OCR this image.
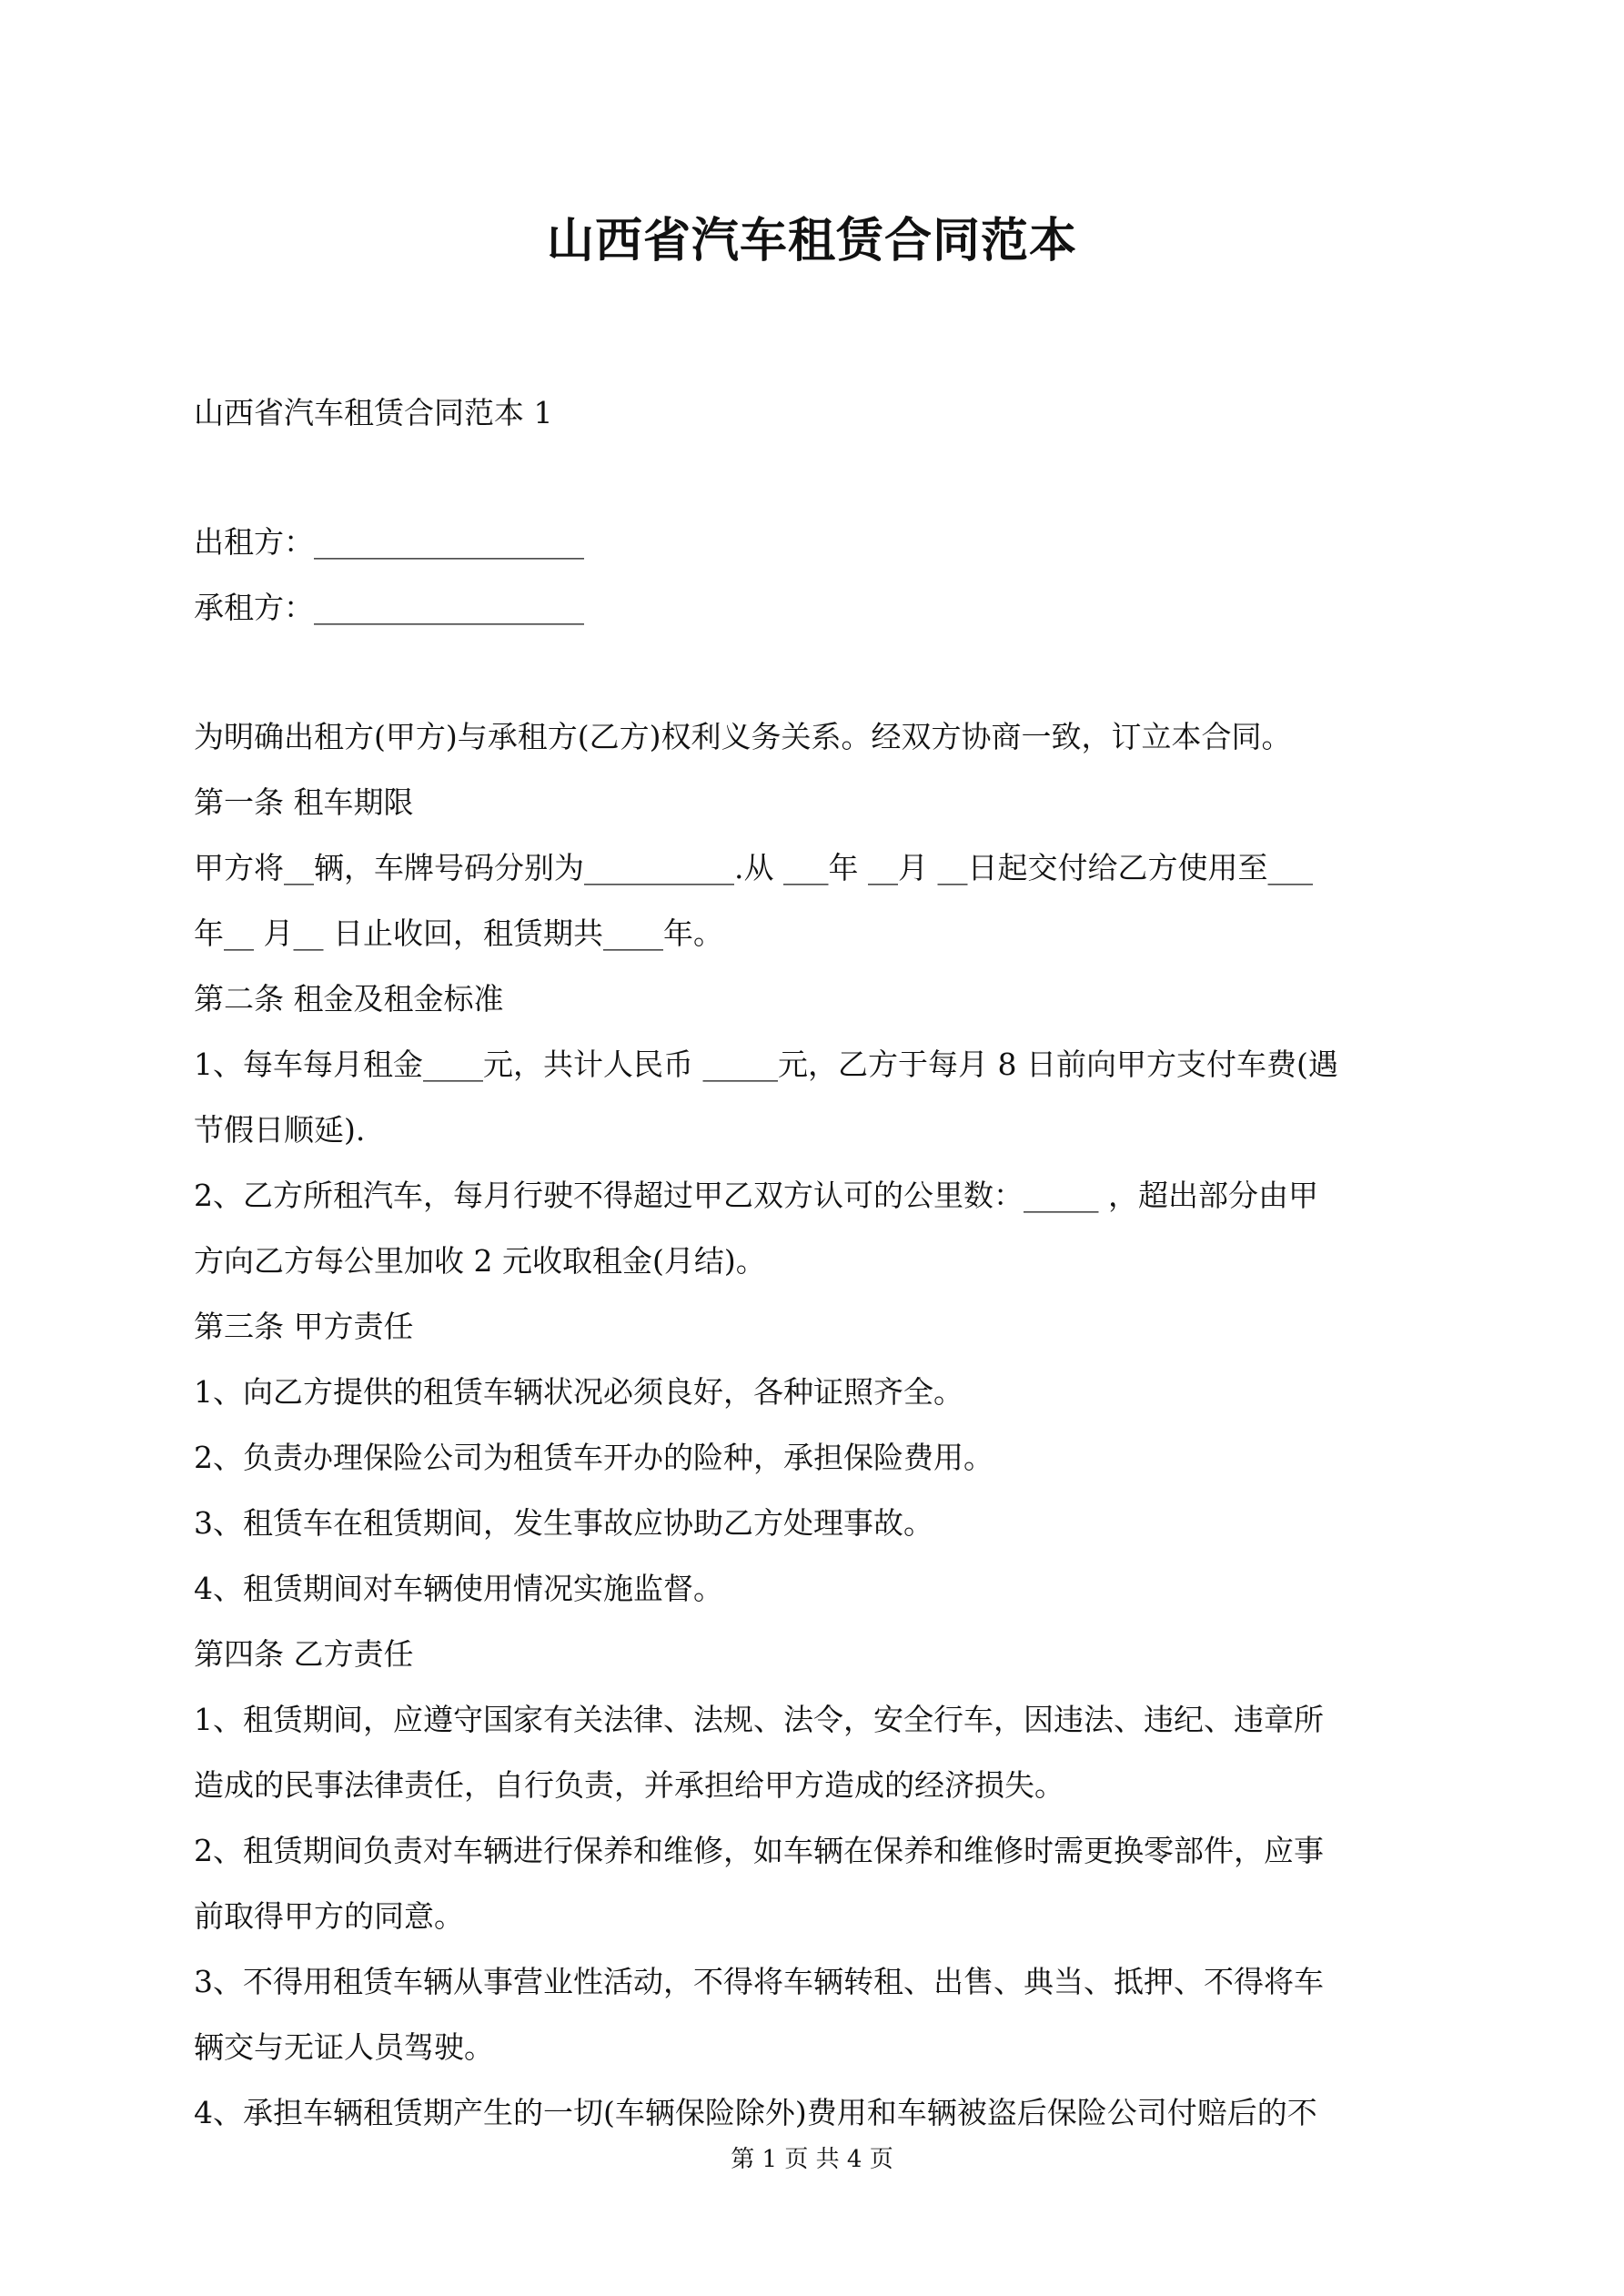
山西省汽车租赁合同范本
山西省汽车租赁合同范本 1
出租方：__________________
承租方：__________________
为明确出租方(甲方)与承租方(乙方)权利义务关系。经双方协商一致，订立本合同。
第一条 租车期限
甲方将__辆，车牌号码分别为__________.从 ___年 __月 __日起交付给乙方使用至___
年__ 月__ 日止收回，租赁期共____年。
第二条 租金及租金标准
1、每车每月租金____元，共计人民币 _____元，乙方于每月 8 日前向甲方支付车费(遇
节假日顺延).
2、乙方所租汽车，每月行驶不得超过甲乙双方认可的公里数：_____ ，超出部分由甲
方向乙方每公里加收 2 元收取租金(月结)。
第三条 甲方责任
1、向乙方提供的租赁车辆状况必须良好，各种证照齐全。
2、负责办理保险公司为租赁车开办的险种，承担保险费用。
3、租赁车在租赁期间，发生事故应协助乙方处理事故。
4、租赁期间对车辆使用情况实施监督。
第四条 乙方责任
1、租赁期间，应遵守国家有关法律、法规、法令，安全行车，因违法、违纪、违章所
造成的民事法律责任，自行负责，并承担给甲方造成的经济损失。
2、租赁期间负责对车辆进行保养和维修，如车辆在保养和维修时需更换零部件，应事
前取得甲方的同意。
3、不得用租赁车辆从事营业性活动，不得将车辆转租、出售、典当、抵押、不得将车
辆交与无证人员驾驶。
4、承担车辆租赁期产生的一切(车辆保险除外)费用和车辆被盗后保险公司付赔后的不
第 1 页 共 4 页
